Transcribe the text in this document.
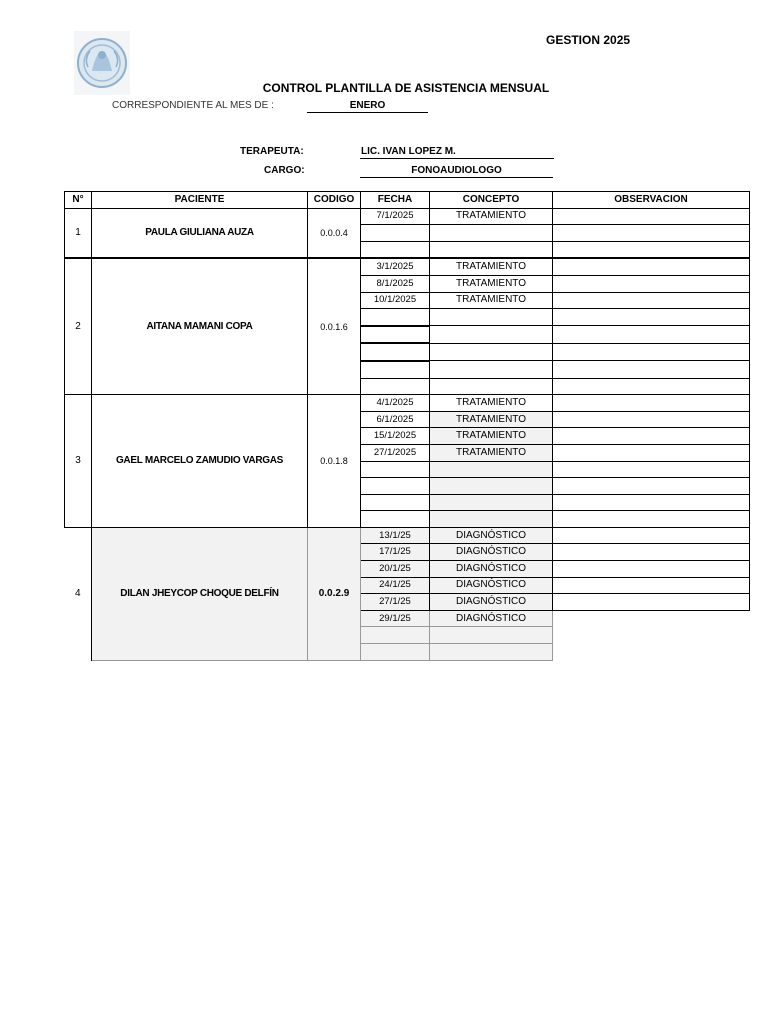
GESTION 2025
CONTROL PLANTILLA DE ASISTENCIA MENSUAL
CORRESPONDIENTE AL MES DE :	ENERO
TERAPEUTA:	LIC. IVAN LOPEZ M.
CARGO:	FONOAUDIOLOGO
N°	PACIENTE	CODIGO	FECHA	CONCEPTO	OBSERVACION
1	PAULA GIULIANA AUZA	0.0.0.4	7/1/2025	TRATAMIENTO	

2	AITANA MAMANI COPA	0.0.1.6	3/1/2025	TRATAMIENTO	
			8/1/2025	TRATAMIENTO	
			10/1/2025	TRATAMIENTO	

3	GAEL MARCELO ZAMUDIO VARGAS	0.0.1.8	4/1/2025	TRATAMIENTO	
			6/1/2025	TRATAMIENTO	
			15/1/2025	TRATAMIENTO	
			27/1/2025	TRATAMIENTO	

4	DILAN JHEYCOP CHOQUE DELFÍN	0.0.2.9	13/1/25	DIAGNÓSTICO	
			17/1/25	DIAGNÓSTICO	
			20/1/25	DIAGNÓSTICO	
			24/1/25	DIAGNÓSTICO	
			27/1/25	DIAGNÓSTICO	
			29/1/25	DIAGNÓSTICO	
